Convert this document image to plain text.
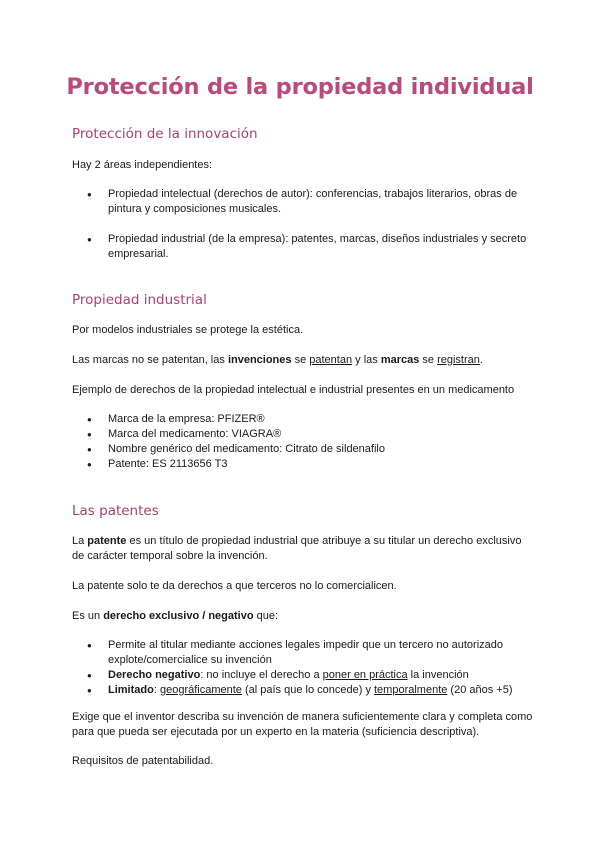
Protección de la propiedad individual
Protección de la innovación

Hay 2 áreas independientes:

● Propiedad intelectual (derechos de autor): conferencias, trabajos literarios, obras de pintura y composiciones musicales.
● Propiedad industrial (de la empresa): patentes, marcas, diseños industriales y secreto empresarial.
Propiedad industrial

Por modelos industriales se protege la estética.

Las marcas no se patentan, las invenciones se patentan y las marcas se registran.

Ejemplo de derechos de la propiedad intelectual e industrial presentes en un medicamento

● Marca de la empresa: PFIZER®
● Marca del medicamento: VIAGRA®
● Nombre genérico del medicamento: Citrato de sildenafilo
● Patente: ES 2113656 T3
Las patentes

La patente es un título de propiedad industrial que atribuye a su titular un derecho exclusivo de carácter temporal sobre la invención.

La patente solo te da derechos a que terceros no lo comercialicen.

Es un derecho exclusivo / negativo que:

● Permite al titular mediante acciones legales impedir que un tercero no autorizado explote/comercialice su invención
● Derecho negativo: no incluye el derecho a poner en práctica la invención
● Limitado: geográficamente (al país que lo concede) y temporalmente (20 años +5)

Exige que el inventor describa su invención de manera suficientemente clara y completa como para que pueda ser ejecutada por un experto en la materia (suficiencia descriptiva).

Requisitos de patentabilidad.
